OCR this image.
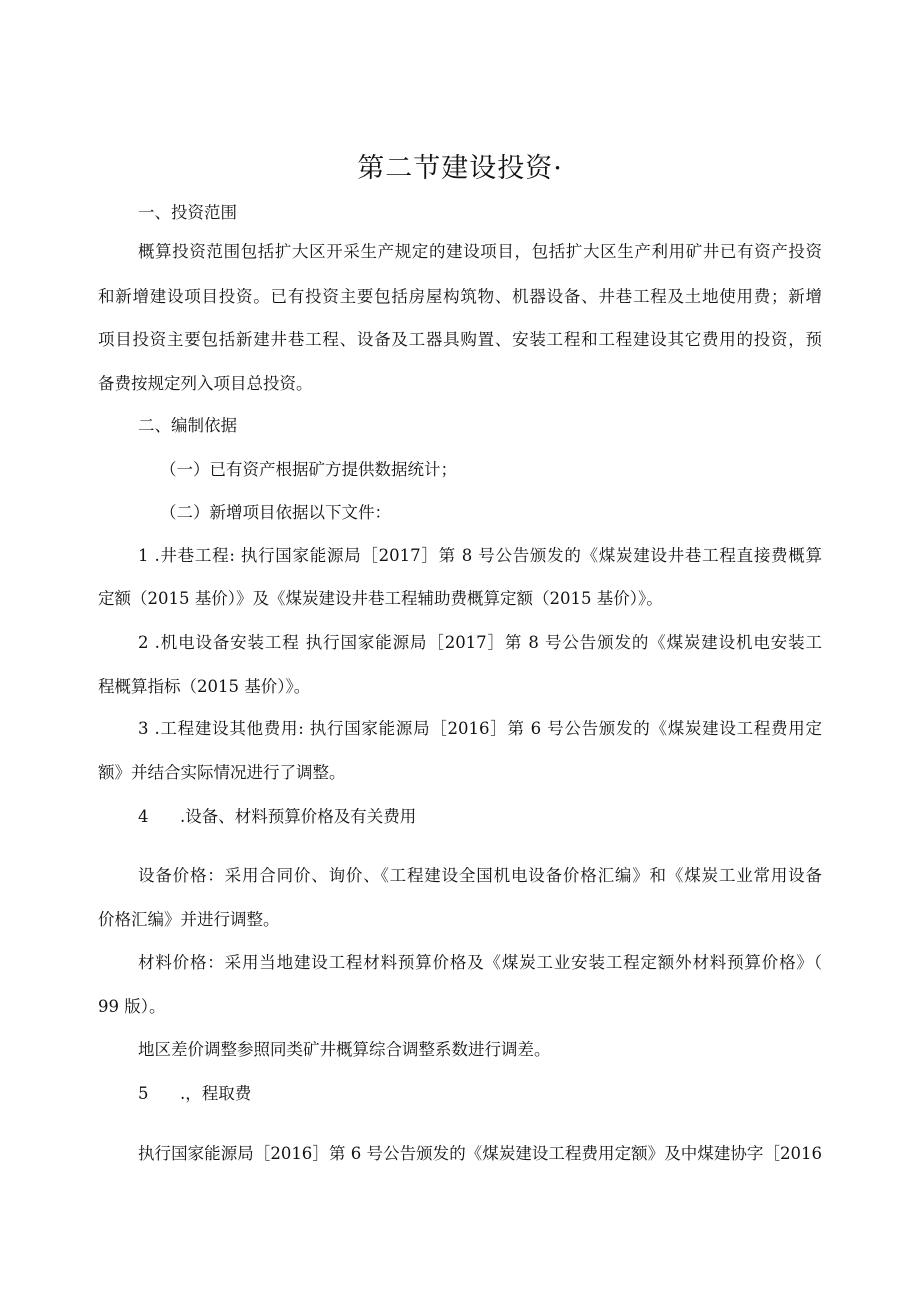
第二节建设投资·
一、投资范围
概算投资范围包括扩大区开采生产规定的建设项目，包括扩大区生产利用矿井已有资产投资
和新增建设项目投资。已有投资主要包括房屋构筑物、机器设备、井巷工程及土地使用费；新增
项目投资主要包括新建井巷工程、设备及工器具购置、安装工程和工程建设其它费用的投资，预
备费按规定列入项目总投资。
二、编制依据
（一）已有资产根据矿方提供数据统计；
（二）新增项目依据以下文件：
1 .井巷工程: 执行国家能源局［2017］第 8 号公告颁发的《煤炭建设井巷工程直接费概算
定额（2015 基价）》及《煤炭建设井巷工程辅助费概算定额（2015 基价）》。
2 .机电设备安装工程 执行国家能源局［2017］第 8 号公告颁发的《煤炭建设机电安装工
程概算指标（2015 基价）》。
3 .工程建设其他费用: 执行国家能源局［2016］第 6 号公告颁发的《煤炭建设工程费用定
额》并结合实际情况进行了调整。
4 .设备、材料预算价格及有关费用
设备价格：采用合同价、询价、《工程建设全国机电设备价格汇编》和《煤炭工业常用设备
价格汇编》并进行调整。
材料价格：采用当地建设工程材料预算价格及《煤炭工业安装工程定额外材料预算价格》（
99 版）。
地区差价调整参照同类矿井概算综合调整系数进行调差。
5 .，程取费
执行国家能源局［2016］第 6 号公告颁发的《煤炭建设工程费用定额》及中煤建协字［2016
